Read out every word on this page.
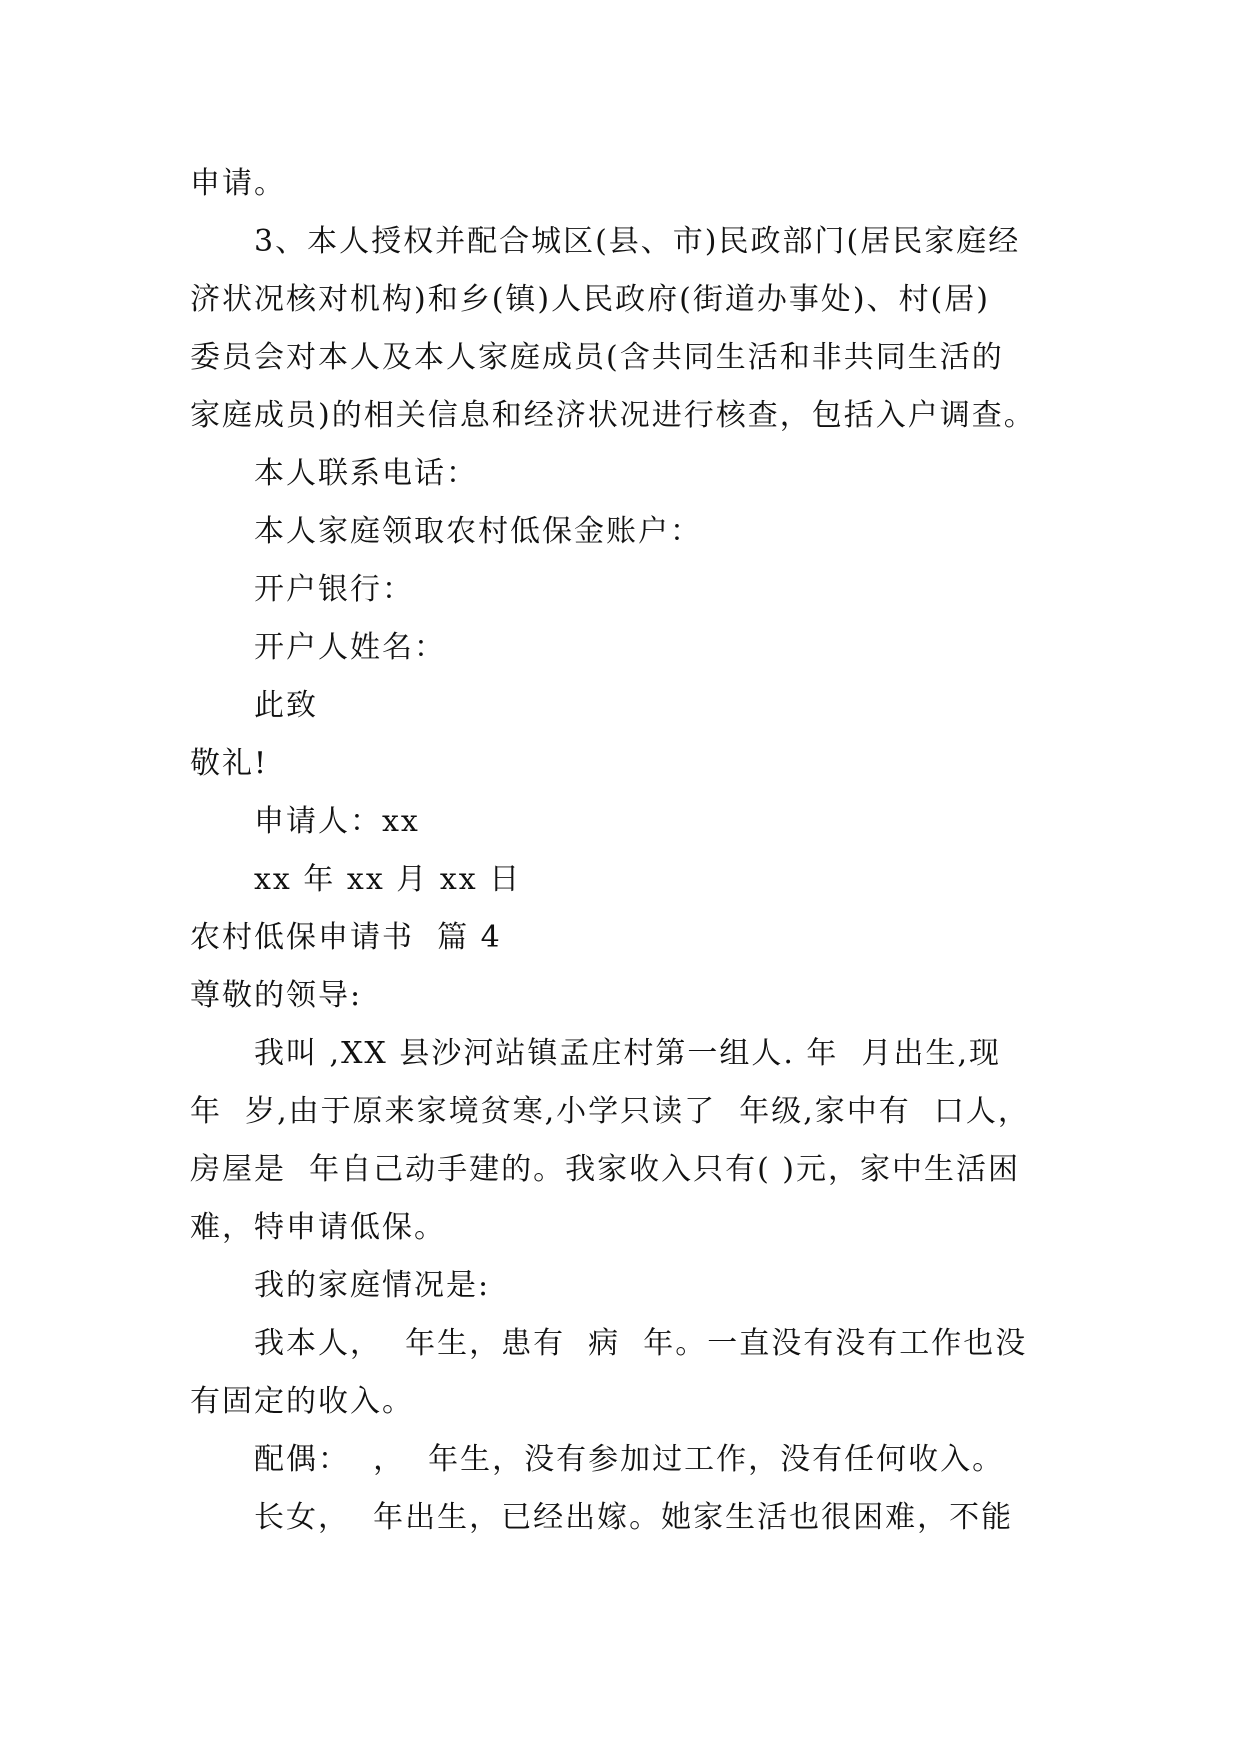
申请。
3、本人授权并配合城区(县、市)民政部门(居民家庭经
济状况核对机构)和乡(镇)人民政府(街道办事处)、村(居)
委员会对本人及本人家庭成员(含共同生活和非共同生活的
家庭成员)的相关信息和经济状况进行核查，包括入户调查。
本人联系电话：
本人家庭领取农村低保金账户：
开户银行：
开户人姓名：
此致
敬礼!
申请人：xx
xx 年 xx 月 xx 日
农村低保申请书  篇 4
尊敬的领导:
我叫 ,XX 县沙河站镇孟庄村第一组人. 年  月出生,现
年  岁,由于原来家境贫寒,小学只读了  年级,家中有  口人，
房屋是  年自己动手建的。我家收入只有( )元，家中生活困
难，特申请低保。
我的家庭情况是:
我本人，  年生，患有  病  年。一直没有没有工作也没
有固定的收入。
配偶：  ，  年生，没有参加过工作，没有任何收入。
长女，  年出生，已经出嫁。她家生活也很困难，不能
